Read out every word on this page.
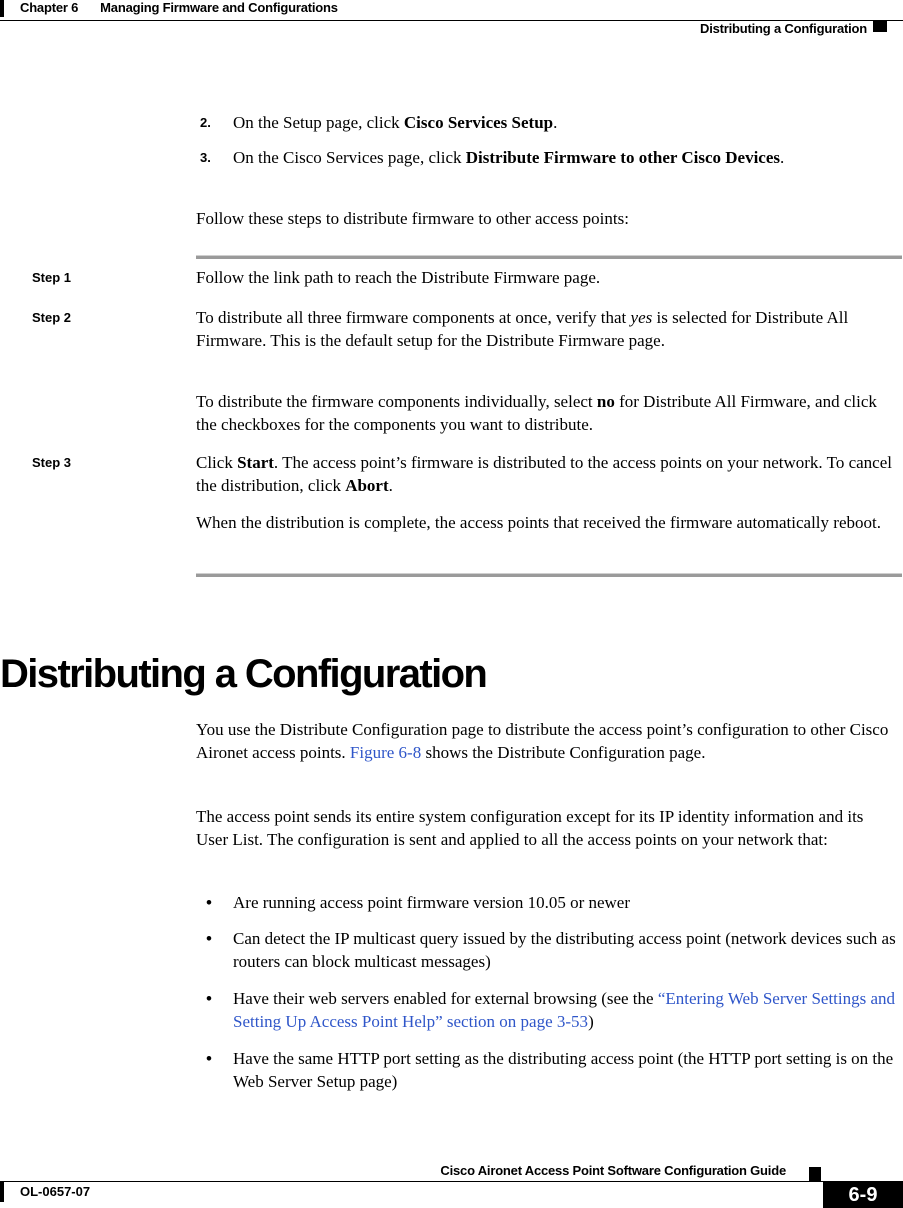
Chapter 6 Managing Firmware and Configurations
Distributing a Configuration
2. On the Setup page, click Cisco Services Setup.
3. On the Cisco Services page, click Distribute Firmware to other Cisco Devices.
Follow these steps to distribute firmware to other access points:
Step 1	Follow the link path to reach the Distribute Firmware page.
Step 2	To distribute all three firmware components at once, verify that yes is selected for Distribute All Firmware. This is the default setup for the Distribute Firmware page.
To distribute the firmware components individually, select no for Distribute All Firmware, and click the checkboxes for the components you want to distribute.
Step 3	Click Start. The access point’s firmware is distributed to the access points on your network. To cancel the distribution, click Abort.
When the distribution is complete, the access points that received the firmware automatically reboot.
Distributing a Configuration
You use the Distribute Configuration page to distribute the access point’s configuration to other Cisco Aironet access points. Figure 6-8 shows the Distribute Configuration page.
The access point sends its entire system configuration except for its IP identity information and its User List. The configuration is sent and applied to all the access points on your network that:
• Are running access point firmware version 10.05 or newer
• Can detect the IP multicast query issued by the distributing access point (network devices such as routers can block multicast messages)
• Have their web servers enabled for external browsing (see the “Entering Web Server Settings and Setting Up Access Point Help” section on page 3-53)
• Have the same HTTP port setting as the distributing access point (the HTTP port setting is on the Web Server Setup page)
Cisco Aironet Access Point Software Configuration Guide
OL-0657-07	6-9
